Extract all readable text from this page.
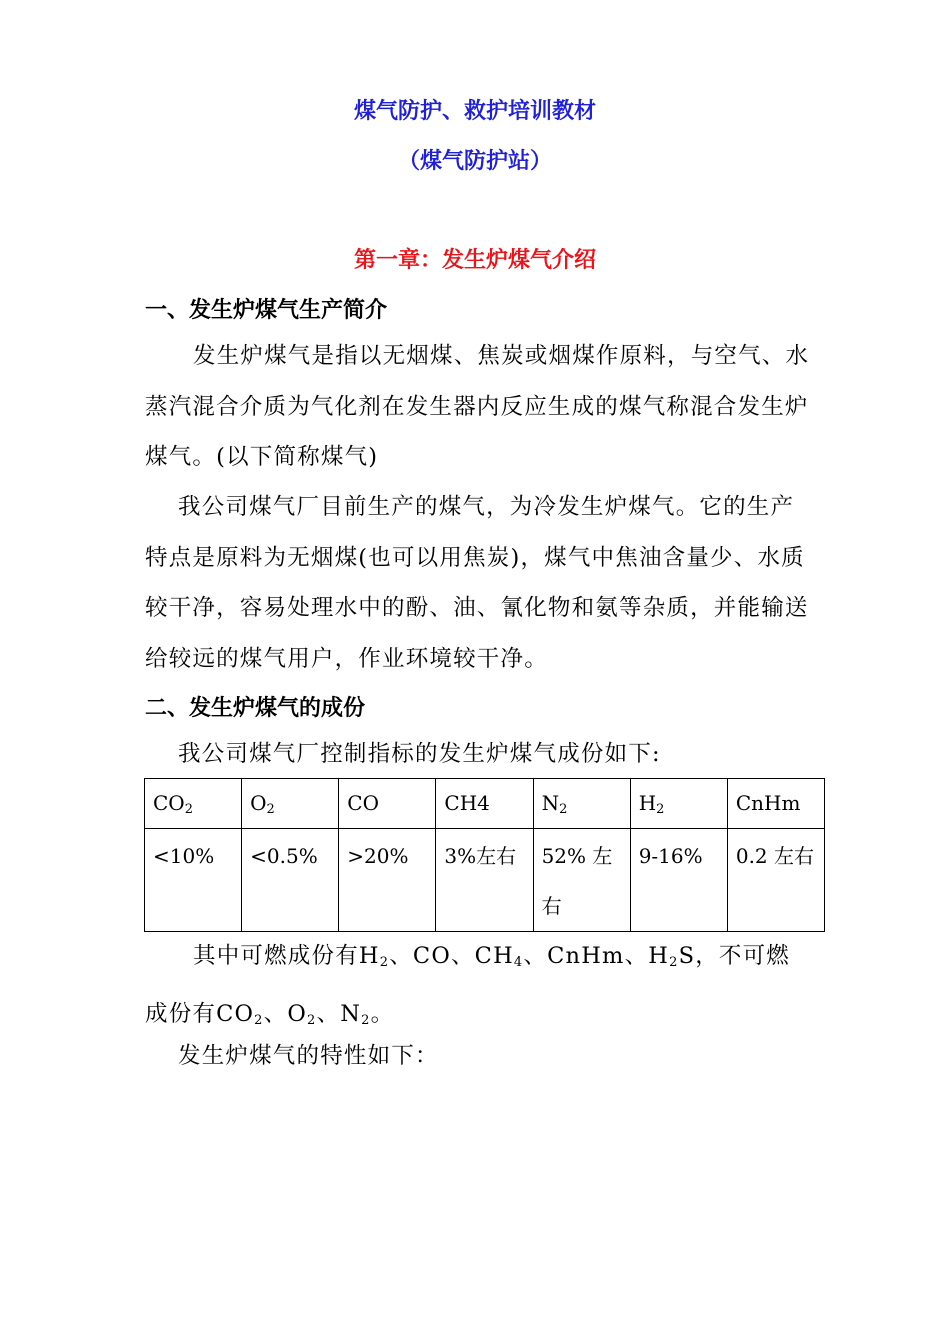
煤气防护、救护培训教材
（煤气防护站）
第一章：发生炉煤气介绍
一、发生炉煤气生产简介

发生炉煤气是指以无烟煤、焦炭或烟煤作原料，与空气、水蒸汽混合介质为气化剂在发生器内反应生成的煤气称混合发生炉煤气。(以下简称煤气)

我公司煤气厂目前生产的煤气，为冷发生炉煤气。它的生产特点是原料为无烟煤(也可以用焦炭)，煤气中焦油含量少、水质较干净，容易处理水中的酚、油、氰化物和氨等杂质，并能输送给较远的煤气用户，作业环境较干净。

二、发生炉煤气的成份

我公司煤气厂控制指标的发生炉煤气成份如下:

$CO_2$	$O_2$	CO	CH4	$N_2$	$H_2$	CnHm
<10%	<0.5%	>20%	3%左右	52% 左右	9-16%	0.2 左右

其中可燃成份有$H_2$、CO、$CH_4$、CnHm、$H_2S$，不可燃成份有$CO_2$、$O_2$、$N_2$。

发生炉煤气的特性如下：
